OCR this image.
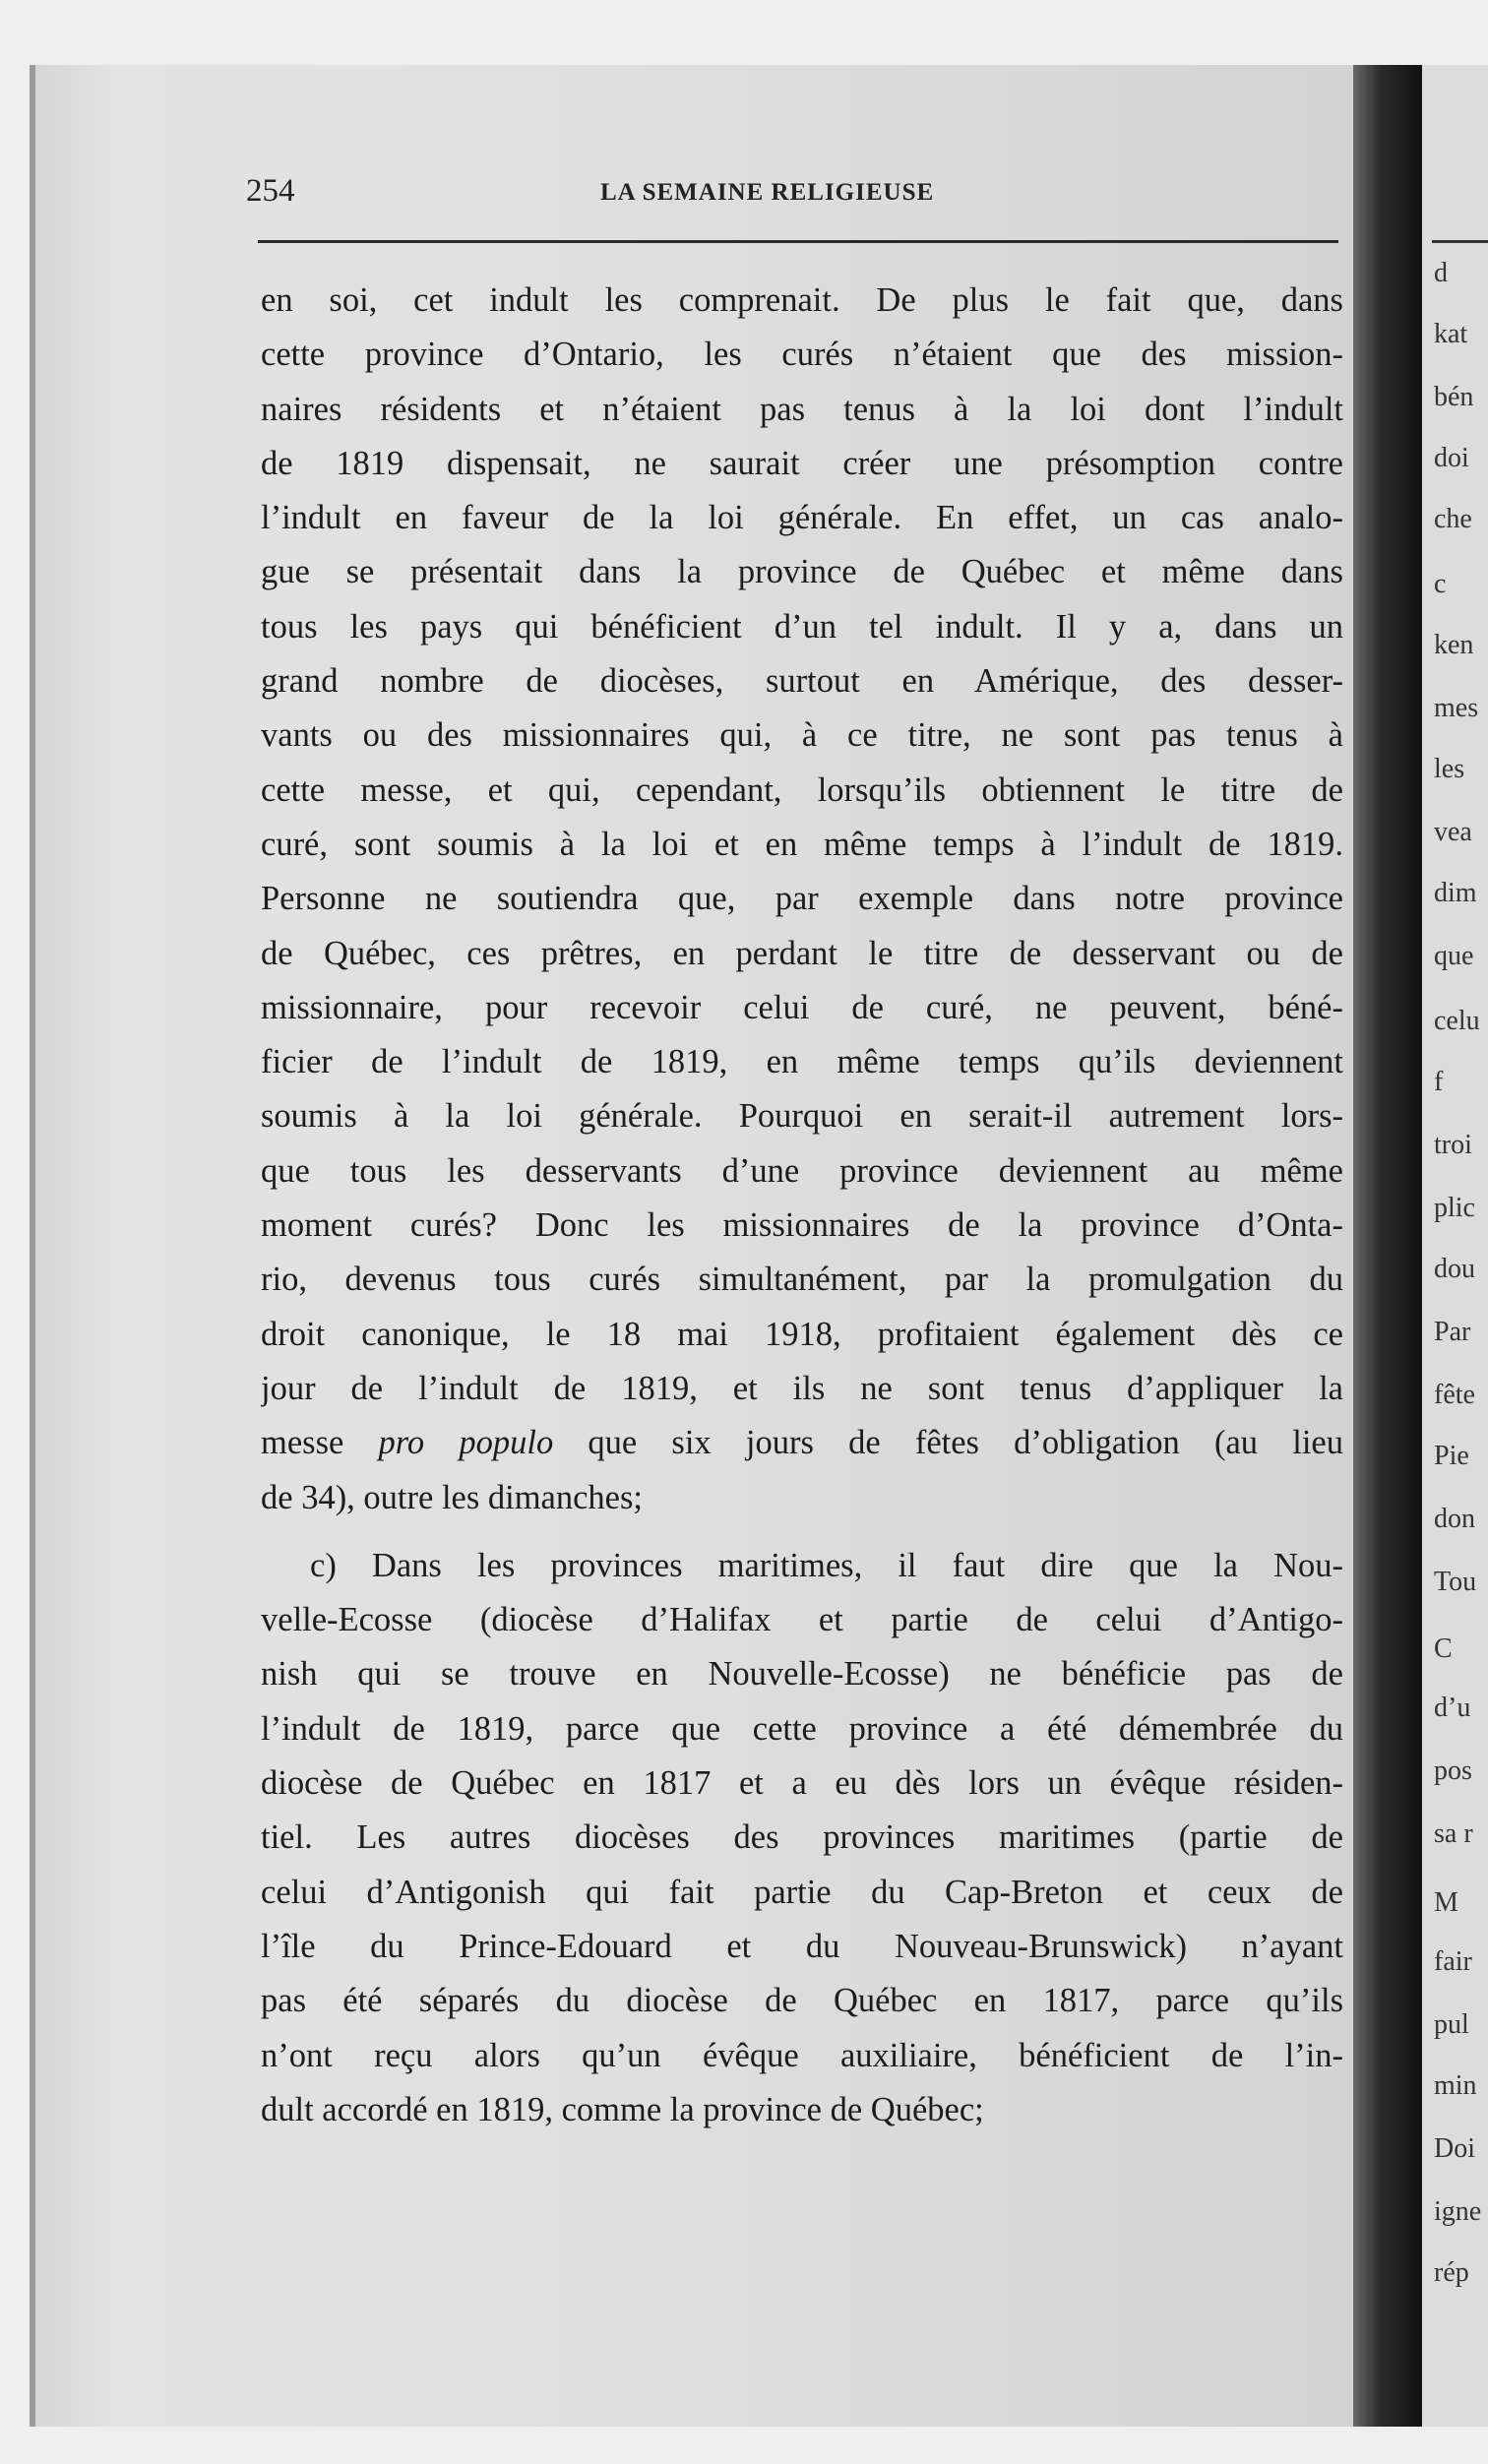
d
kat
bén
doi
che
c
ken
mes
les
vea
dim
que
celu
f
troi
plic
dou
Par
fête
Pie
don
Tou
C
d’u
pos
sa r
M
fair
pul
min
Doi
igne
rép
254	LA SEMAINE RELIGIEUSE
en soi, cet indult les comprenait. De plus le fait que, dans
cette province d’Ontario, les curés n’étaient que des mission-
naires résidents et n’étaient pas tenus à la loi dont l’indult
de 1819 dispensait, ne saurait créer une présomption contre
l’indult en faveur de la loi générale. En effet, un cas analo-
gue se présentait dans la province de Québec et même dans
tous les pays qui bénéficient d’un tel indult. Il y a, dans un
grand nombre de diocèses, surtout en Amérique, des desser-
vants ou des missionnaires qui, à ce titre, ne sont pas tenus à
cette messe, et qui, cependant, lorsqu’ils obtiennent le titre de
curé, sont soumis à la loi et en même temps à l’indult de 1819.
Personne ne soutiendra que, par exemple dans notre province
de Québec, ces prêtres, en perdant le titre de desservant ou de
missionnaire, pour recevoir celui de curé, ne peuvent, béné-
ficier de l’indult de 1819, en même temps qu’ils deviennent
soumis à la loi générale. Pourquoi en serait-il autrement lors-
que tous les desservants d’une province deviennent au même
moment curés? Donc les missionnaires de la province d’Onta-
rio, devenus tous curés simultanément, par la promulgation du
droit canonique, le 18 mai 1918, profitaient également dès ce
jour de l’indult de 1819, et ils ne sont tenus d’appliquer la
messe pro populo que six jours de fêtes d’obligation (au lieu
de 34), outre les dimanches;
c) Dans les provinces maritimes, il faut dire que la Nou-
velle-Ecosse (diocèse d’Halifax et partie de celui d’Antigo-
nish qui se trouve en Nouvelle-Ecosse) ne bénéficie pas de
l’indult de 1819, parce que cette province a été démembrée du
diocèse de Québec en 1817 et a eu dès lors un évêque résiden-
tiel. Les autres diocèses des provinces maritimes (partie de
celui d’Antigonish qui fait partie du Cap-Breton et ceux de
l’île du Prince-Edouard et du Nouveau-Brunswick) n’ayant
pas été séparés du diocèse de Québec en 1817, parce qu’ils
n’ont reçu alors qu’un évêque auxiliaire, bénéficient de l’in-
dult accordé en 1819, comme la province de Québec;
